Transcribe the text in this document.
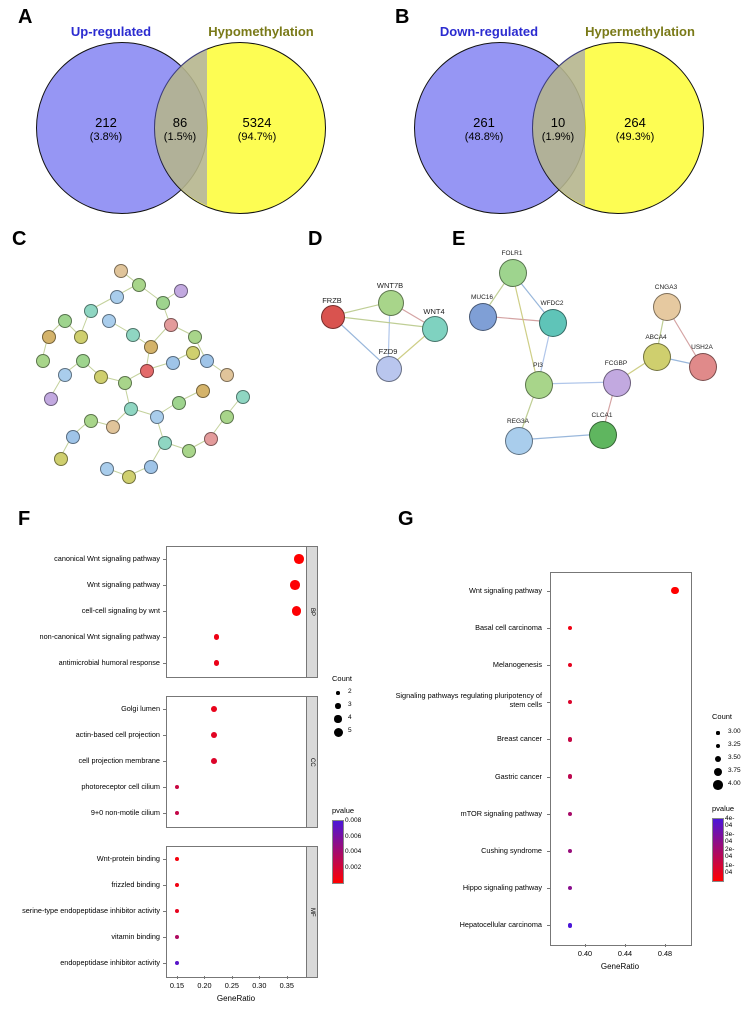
A
Up-regulated	Hypomethylation
212
(3.8%)
86
(1.5%)
5324
(94.7%)
B
Down-regulated	Hypermethylation
261
(48.8%)
10
(1.9%)
264
(49.3%)
C	D
FRZB
WNT7B
WNT4
FZD9
E
FOLR1
MUC16
WFDC2
PI3
REG3A
CLCA1
FCGBP
ABCA4
CNGA3
USH2A
F
BP
canonical Wnt signaling pathway
Wnt signaling pathway
cell-cell signaling by wnt
non-canonical Wnt signaling pathway
antimicrobial humoral response
CC
Golgi lumen
actin-based cell projection
cell projection membrane
photoreceptor cell cilium
9+0 non-motile cilium
MF
Wnt-protein binding
frizzled binding
serine-type endopeptidase inhibitor activity
vitamin binding
endopeptidase inhibitor activity
0.15	0.20	0.25	0.30	0.35
GeneRatio
Count
2
3
4
5
pvalue
0.008
0.006
0.004
0.002
G
Wnt signaling pathway
Basal cell carcinoma
Melanogenesis
Signaling pathways regulating pluripotency of stem cells
Breast cancer
Gastric cancer
mTOR signaling pathway
Cushing syndrome
Hippo signaling pathway
Hepatocellular carcinoma
0.40	0.44	0.48
GeneRatio
Count
3.00
3.25
3.50
3.75
4.00
pvalue
4e-04
3e-04
2e-04
1e-04
